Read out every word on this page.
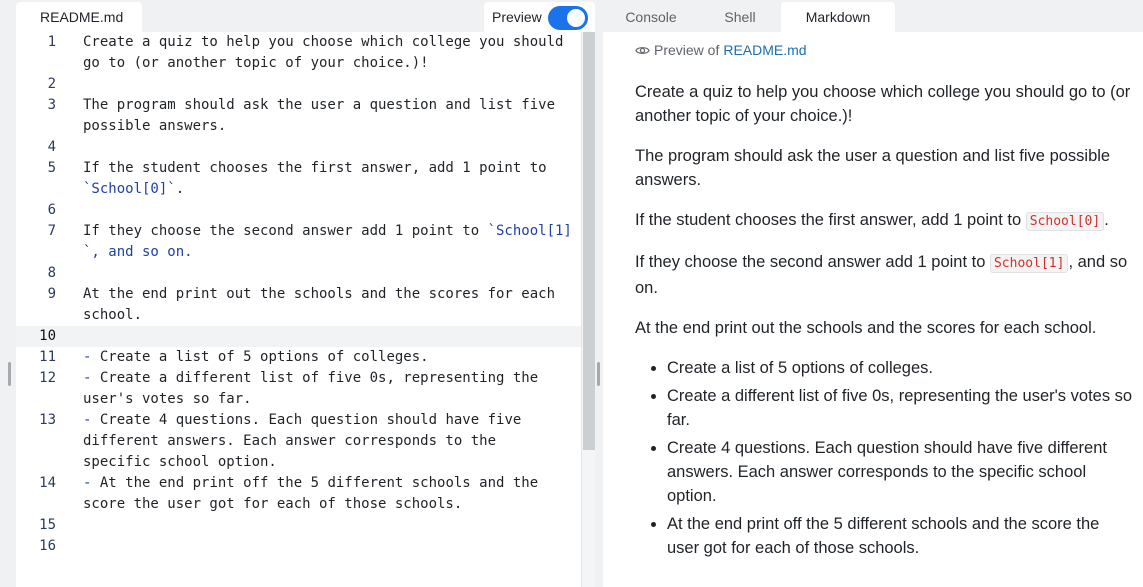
README.md	Preview
1 Create a quiz to help you choose which college you should
go to (or another topic of your choice.)!
2
3 The program should ask the user a question and list five
possible answers.
4
5 If the student chooses the first answer, add 1 point to
`School[0]`.
6
7 If they choose the second answer add 1 point to `School[1]
`, and so on.
8
9 At the end print out the schools and the scores for each
school.
10
11 - Create a list of 5 options of colleges.
12 - Create a different list of five 0s, representing the
user's votes so far.
13 - Create 4 questions. Each question should have five
different answers. Each answer corresponds to the
specific school option.
14 - At the end print off the 5 different schools and the
score the user got for each of those schools.
15
16
Console	Shell	Markdown
Preview of README.md

Create a quiz to help you choose which college you should go to (or another topic of your choice.)!

The program should ask the user a question and list five possible answers.

If the student chooses the first answer, add 1 point to School[0] .

If they choose the second answer add 1 point to School[1] , and so on.

At the end print out the schools and the scores for each school.

Create a list of 5 options of colleges.
Create a different list of five 0s, representing the user's votes so far.
Create 4 questions. Each question should have five different answers. Each answer corresponds to the specific school option.
At the end print off the 5 different schools and the score the user got for each of those schools.
